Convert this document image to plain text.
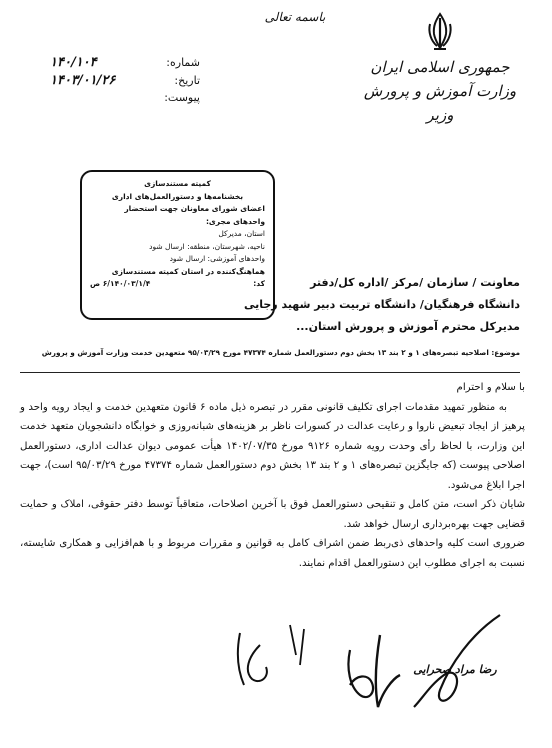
باسمه تعالی
جمهوری اسلامی ایران
وزارت آموزش و پرورش
وزیر
شماره:
۱۴۰/۱۰۴
تاریخ:
۱۴۰۳/۰۱/۲۶
پیوست:
کمیته مستندسازی
بخشنامه‌ها و دستورالعمل‌های اداری
اعضای شورای معاونان جهت استحضار
واحدهای مجری:
استان، مدیرکل
ناحیه، شهرستان، منطقه: ارسال شود
واحدهای آموزشی: ارسال شود
هماهنگ‌کننده در استان کمیته مستندسازی
کد:
۶/۱۴۰/۰۳/۱/۴ ص	معاونت / سازمان /مرکز /اداره کل/دفتر
دانشگاه فرهنگیان/ دانشگاه تربیت دبیر شهید رجایی
مدیرکل محترم آموزش و پرورش استان...
موضوع: اصلاحیه تبصره‌های ۱ و ۲ بند ۱۳ بخش دوم دستورالعمل شماره ۴۷۳۷۴ مورخ ۹۵/۰۳/۲۹ متعهدین خدمت وزارت آموزش و پرورش

با سلام و احترام

به منظور تمهید مقدمات اجرای تکلیف قانونی مقرر در تبصره ذیل ماده ۶ قانون متعهدین خدمت و ایجاد رویه واحد و پرهیز از ایجاد تبعیض ناروا و رعایت عدالت در کسورات ناظر بر هزینه‌های شبانه‌روزی و خوابگاه دانشجویان متعهد خدمت این وزارت، با لحاظ رأی وحدت رویه شماره ۹۱۲۶ مورخ ۱۴۰۲/۰۷/۳۵ هیأت عمومی دیوان عدالت اداری، دستورالعمل اصلاحی پیوست (که جایگزین تبصره‌های ۱ و ۲ بند ۱۳ بخش دوم دستورالعمل شماره ۴۷۳۷۴ مورخ ۹۵/۰۳/۲۹ است)، جهت اجرا ابلاغ می‌شود.

شایان ذکر است، متن کامل و تنقیحی دستورالعمل فوق با آخرین اصلاحات، متعاقباً توسط دفتر حقوقی، املاک و حمایت قضایی جهت بهره‌برداری ارسال خواهد شد.

ضروری است کلیه واحدهای ذی‌ربط ضمن اشراف کامل به قوانین و مقررات مربوط و با هم‌افزایی و همکاری شایسته، نسبت به اجرای مطلوب این دستورالعمل اقدام نمایند.

رضا مراد صحرایی
